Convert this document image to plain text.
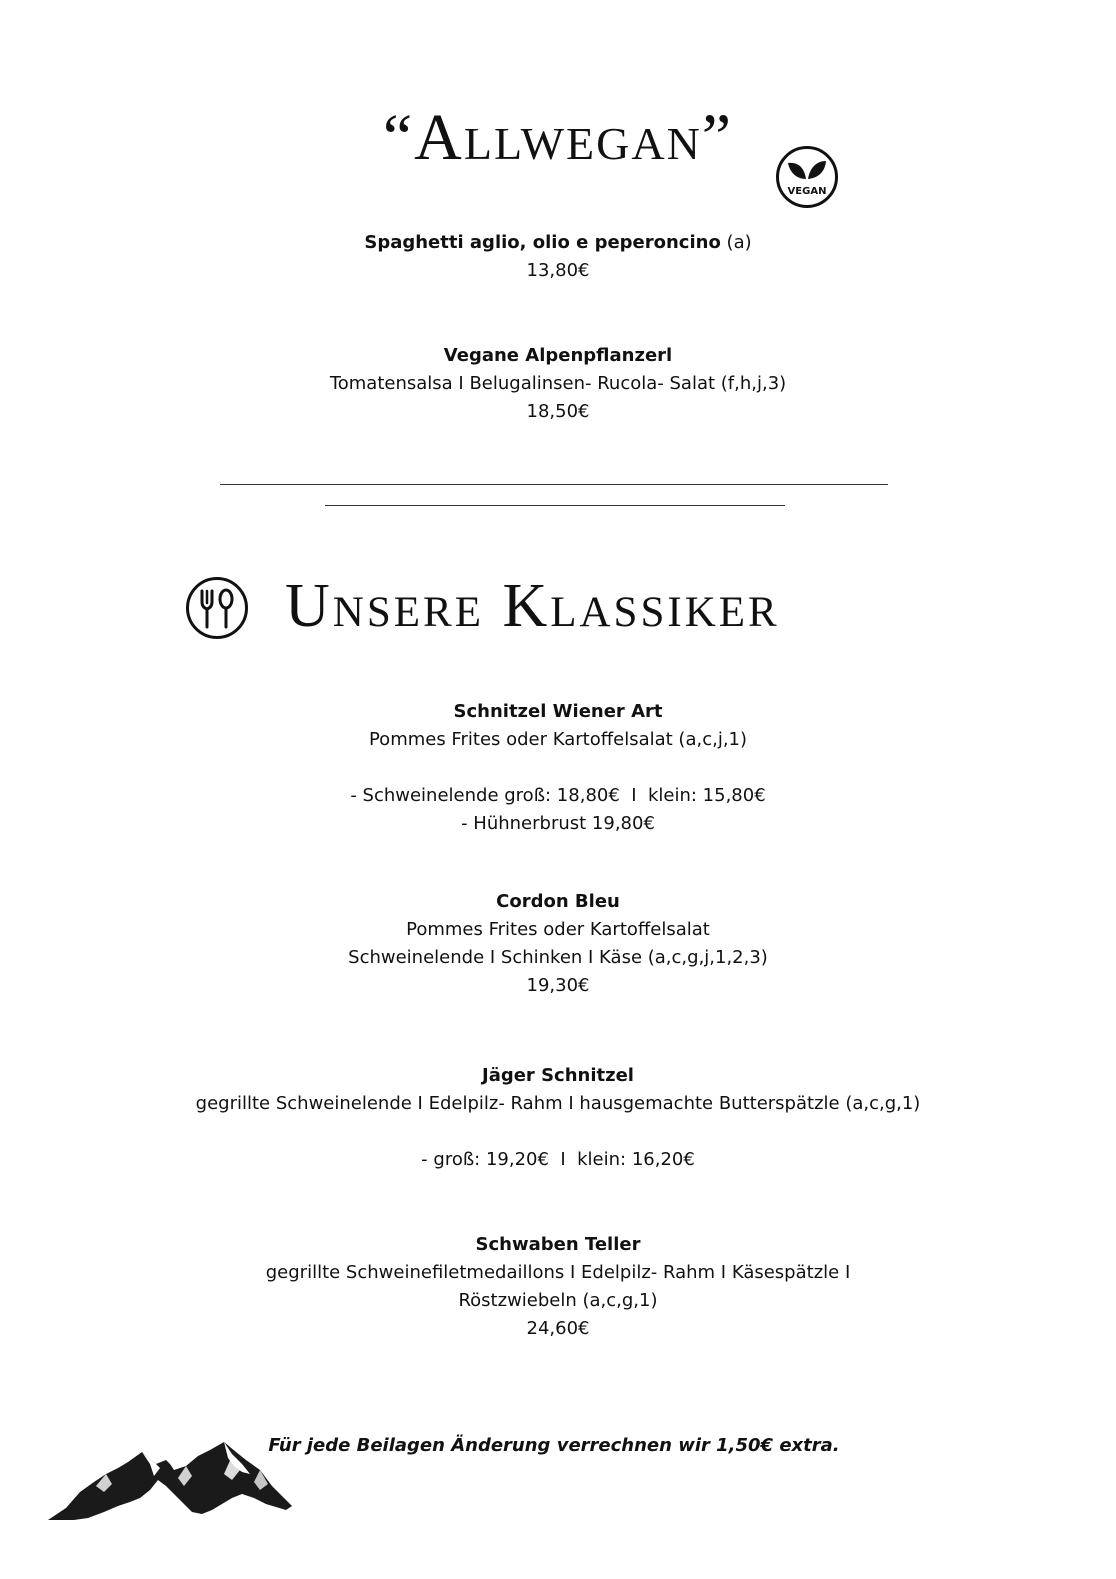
“Allwegan”
VEGAN

Spaghetti aglio, olio e peperoncino (a)

13,80€

Vegane Alpenpflanzerl

Tomatensalsa I Belugalinsen- Rucola- Salat (f,h,j,3)

18,50€

Unsere Klassiker

Schnitzel Wiener Art

Pommes Frites oder Kartoffelsalat (a,c,j,1)

- Schweinelende groß: 18,80€  I  klein: 15,80€

- Hühnerbrust 19,80€

Cordon Bleu

Pommes Frites oder Kartoffelsalat

Schweinelende I Schinken I Käse (a,c,g,j,1,2,3)

19,30€

Jäger Schnitzel

gegrillte Schweinelende I Edelpilz- Rahm I hausgemachte Butterspätzle (a,c,g,1)

- groß: 19,20€  I  klein: 16,20€

Schwaben Teller

gegrillte Schweinefiletmedaillons I Edelpilz- Rahm I Käsespätzle I

Röstzwiebeln (a,c,g,1)

24,60€

Für jede Beilagen Änderung verrechnen wir 1,50€ extra.
